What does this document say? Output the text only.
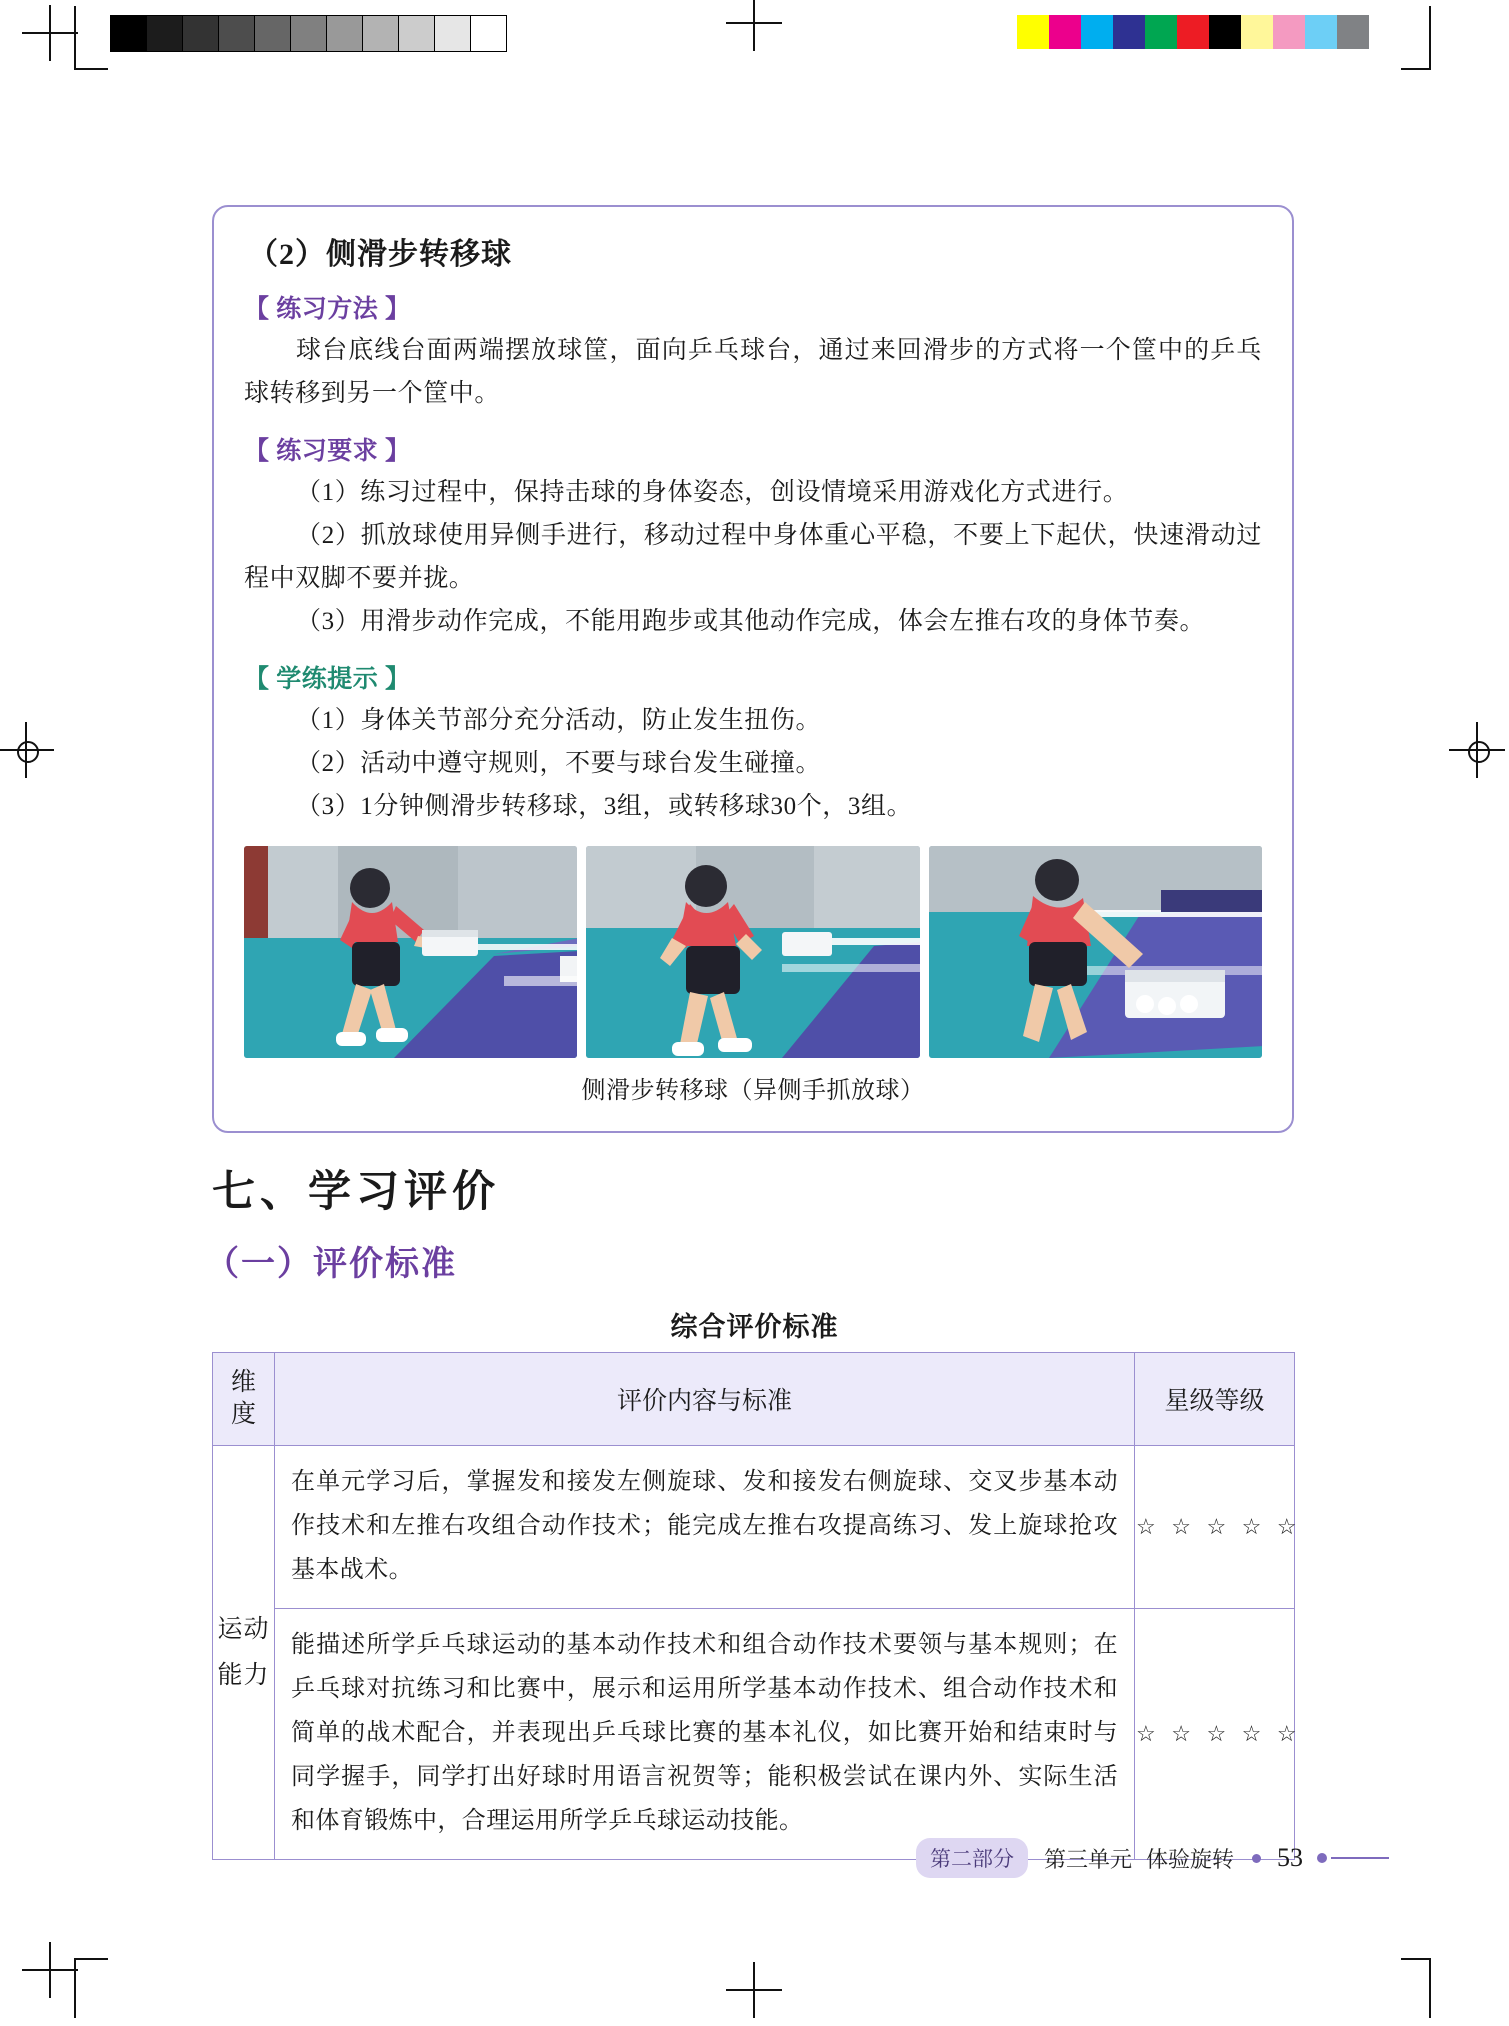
（2）侧滑步转移球
【 练习方法 】

球台底线台面两端摆放球筐，面向乒乓球台，通过来回滑步的方式将一个筐中的乒乓球转移到另一个筐中。

【 练习要求 】

（1）练习过程中，保持击球的身体姿态，创设情境采用游戏化方式进行。

（2）抓放球使用异侧手进行，移动过程中身体重心平稳，不要上下起伏，快速滑动过程中双脚不要并拢。

（3）用滑步动作完成，不能用跑步或其他动作完成，体会左推右攻的身体节奏。

【 学练提示 】

（1）身体关节部分充分活动，防止发生扭伤。

（2）活动中遵守规则，不要与球台发生碰撞。

（3）1分钟侧滑步转移球，3组，或转移球30个，3组。

侧滑步转移球（异侧手抓放球）
七、学习评价
（一）评价标准
综合评价标准
维度	评价内容与标准	星级等级
运动能力	在单元学习后，掌握发和接发左侧旋球、发和接发右侧旋球、交叉步基本动作技术和左推右攻组合动作技术；能完成左推右攻提高练习、发上旋球抢攻基本战术。	☆ ☆ ☆ ☆ ☆
	能描述所学乒乓球运动的基本动作技术和组合动作技术要领与基本规则；在乒乓球对抗练习和比赛中，展示和运用所学基本动作技术、组合动作技术和简单的战术配合，并表现出乒乓球比赛的基本礼仪，如比赛开始和结束时与同学握手，同学打出好球时用语言祝贺等；能积极尝试在课内外、实际生活和体育锻炼中，合理运用所学乒乓球运动技能。	☆ ☆ ☆ ☆ ☆
第二部分	第三单元 体验旋转 53
